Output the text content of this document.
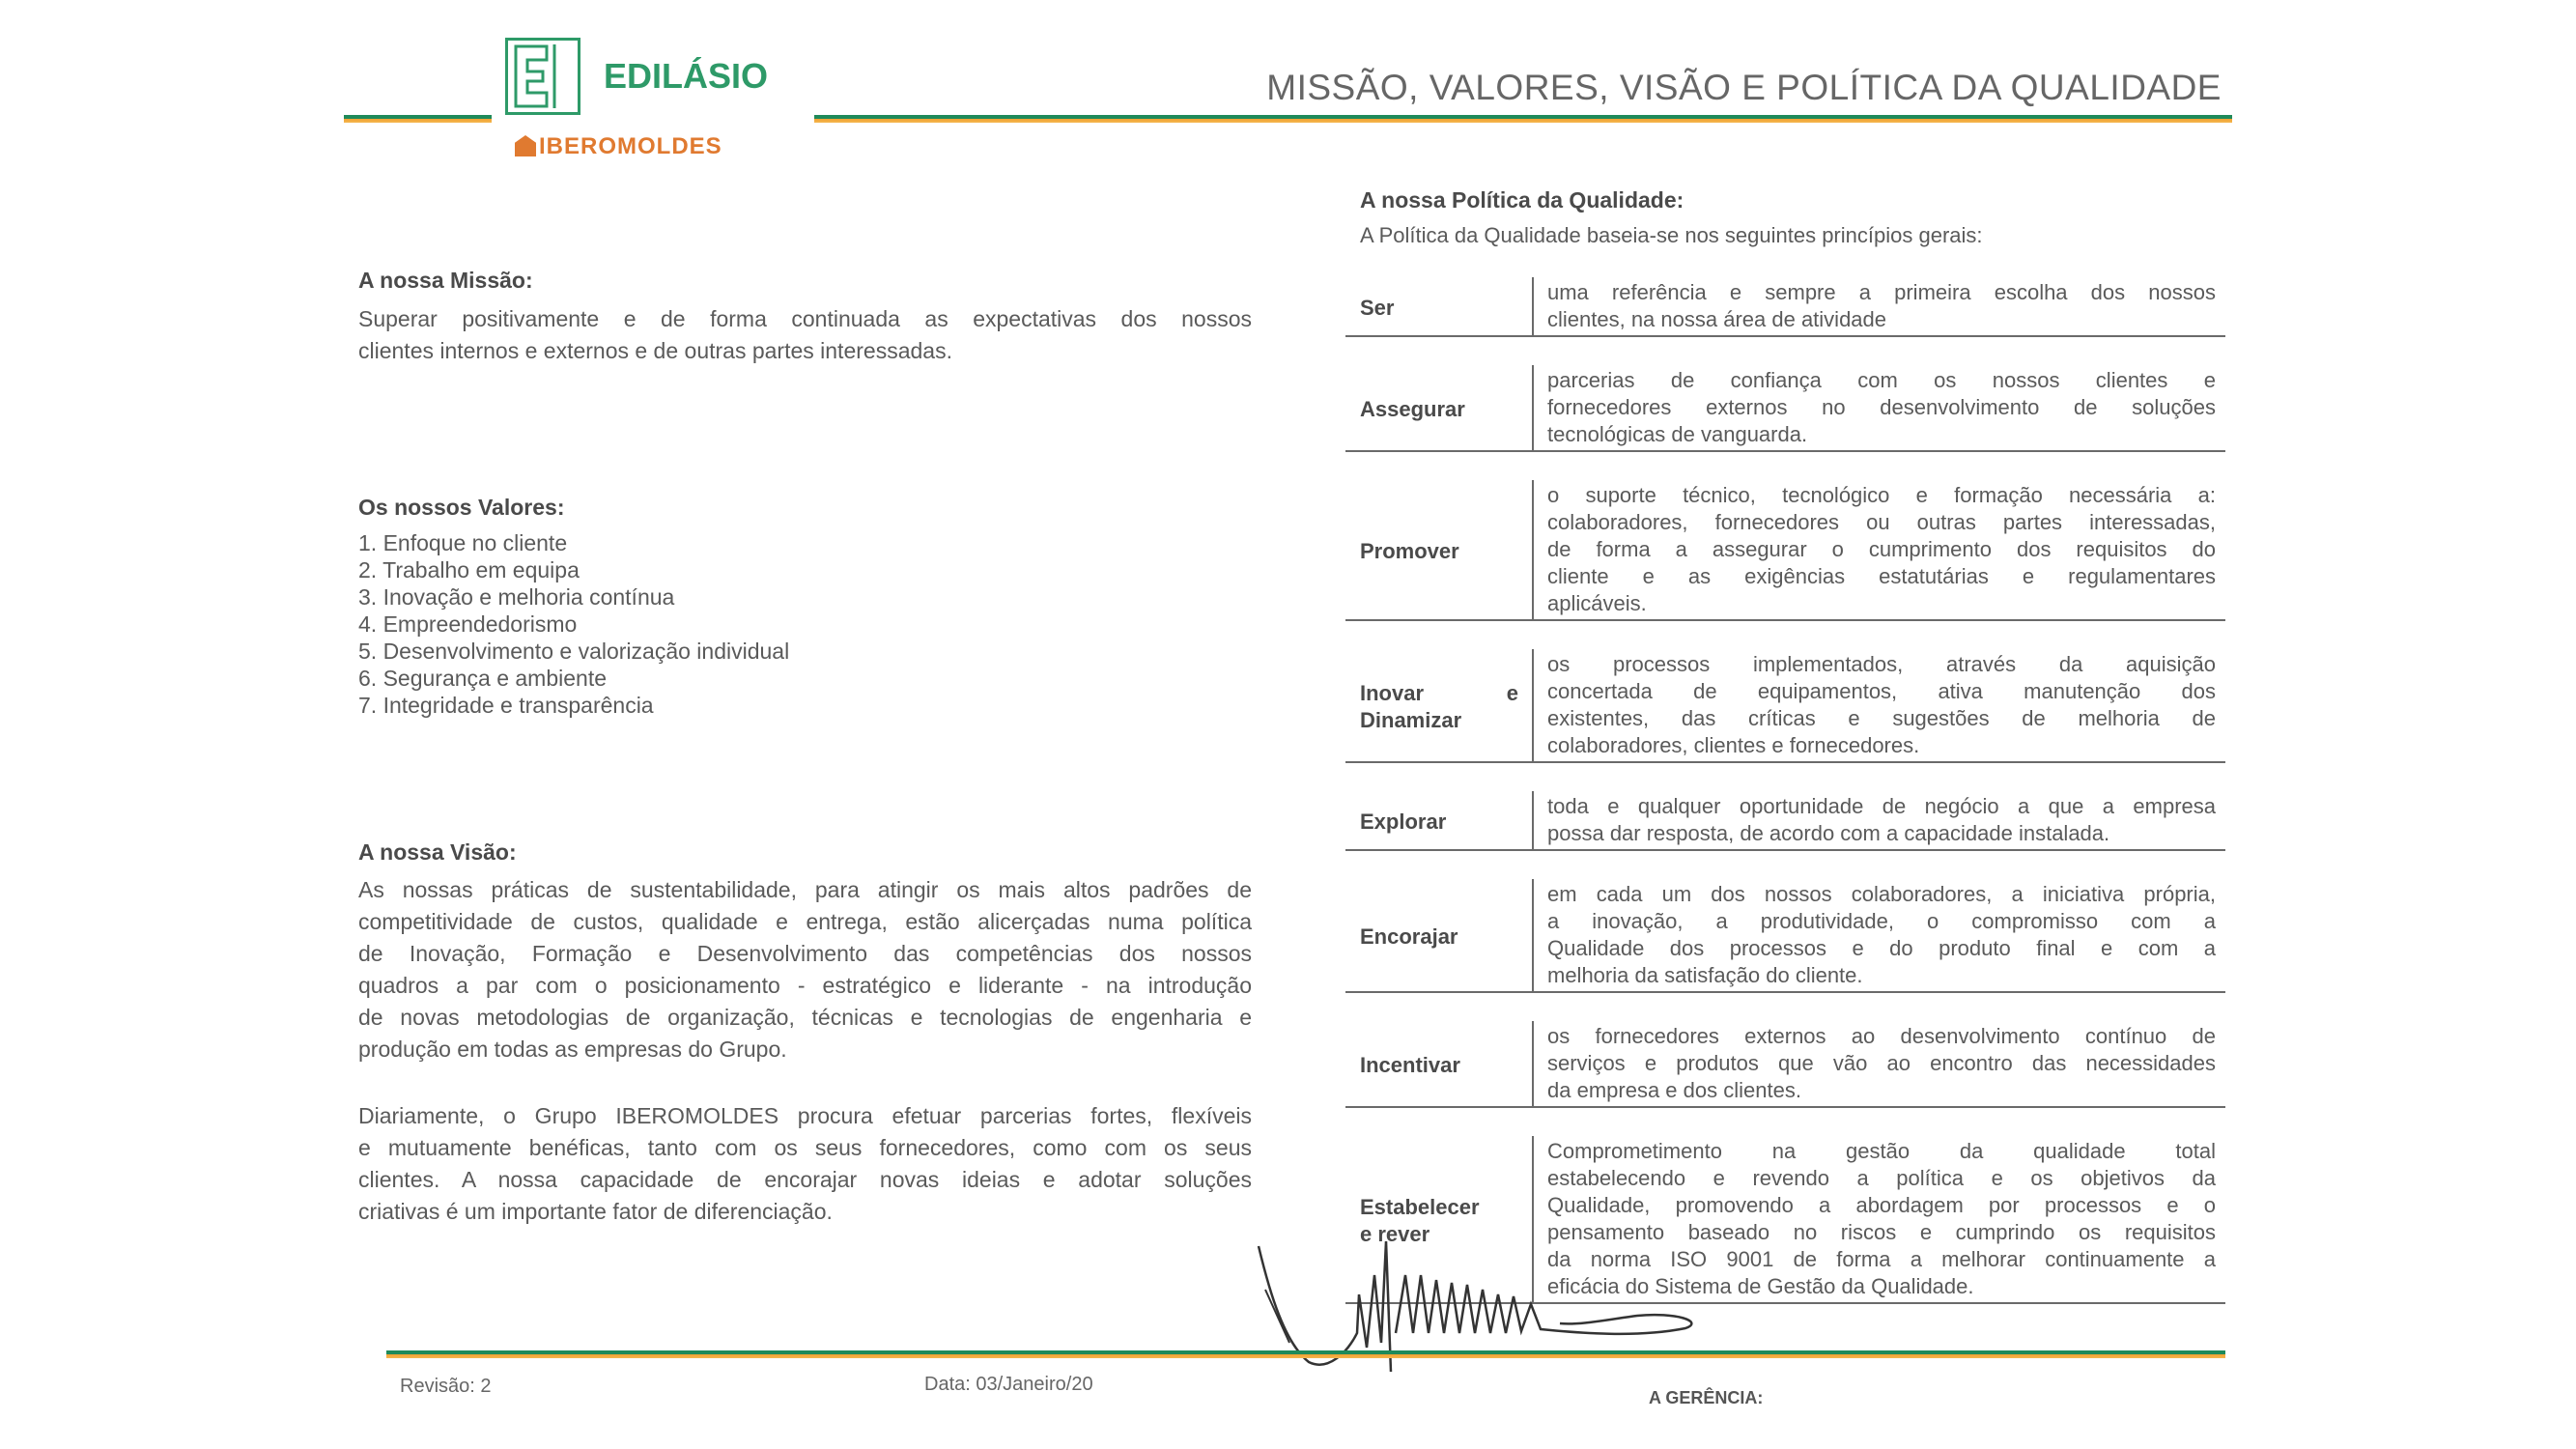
EDILÁSIO
IBEROMOLDES
MISSÃO, VALORES, VISÃO E POLÍTICA DA QUALIDADE
A nossa Missão:
Superar positivamente e de forma continuada as expectativas dos nossos
clientes internos e externos e de outras partes interessadas.
Os nossos Valores:
1. Enfoque no cliente
2. Trabalho em equipa
3. Inovação e melhoria contínua
4. Empreendedorismo
5. Desenvolvimento e valorização individual
6. Segurança e ambiente
7. Integridade e transparência
A nossa Visão:
As nossas práticas de sustentabilidade, para atingir os mais altos padrões de
competitividade de custos, qualidade e entrega, estão alicerçadas numa política
de Inovação, Formação e Desenvolvimento das competências dos nossos
quadros a par com o posicionamento - estratégico e liderante - na introdução
de novas metodologias de organização, técnicas e tecnologias de engenharia e
produção em todas as empresas do Grupo.
Diariamente, o Grupo IBEROMOLDES procura efetuar parcerias fortes, flexíveis
e mutuamente benéficas, tanto com os seus fornecedores, como com os seus
clientes. A nossa capacidade de encorajar novas ideias e adotar soluções
criativas é um importante fator de diferenciação.
A nossa Política da Qualidade:
A Política da Qualidade baseia-se nos seguintes princípios gerais:
Ser
uma referência e sempre a primeira escolha dos nossos
clientes, na nossa área de atividade
Assegurar
parcerias de confiança com os nossos clientes e
fornecedores externos no desenvolvimento de soluções
tecnológicas de vanguarda.
Promover
o suporte técnico, tecnológico e formação necessária a:
colaboradores, fornecedores ou outras partes interessadas,
de forma a assegurar o cumprimento dos requisitos do
cliente e as exigências estatutárias e regulamentares
aplicáveis.
Inovar e
Dinamizar
os processos implementados, através da aquisição
concertada de equipamentos, ativa manutenção dos
existentes, das críticas e sugestões de melhoria de
colaboradores, clientes e fornecedores.
Explorar
toda e qualquer oportunidade de negócio a que a empresa
possa dar resposta, de acordo com a capacidade instalada.
Encorajar
em cada um dos nossos colaboradores, a iniciativa própria,
a inovação, a produtividade, o compromisso com a
Qualidade dos processos e do produto final e com a
melhoria da satisfação do cliente.
Incentivar
os fornecedores externos ao desenvolvimento contínuo de
serviços e produtos que vão ao encontro das necessidades
da empresa e dos clientes.
Estabelecer
e rever
Comprometimento na gestão da qualidade total
estabelecendo e revendo a política e os objetivos da
Qualidade, promovendo a abordagem por processos e o
pensamento baseado no riscos e cumprindo os requisitos
da norma ISO 9001 de forma a melhorar continuamente a
eficácia do Sistema de Gestão da Qualidade.
Revisão: 2	Data: 03/Janeiro/20
A GERÊNCIA:
